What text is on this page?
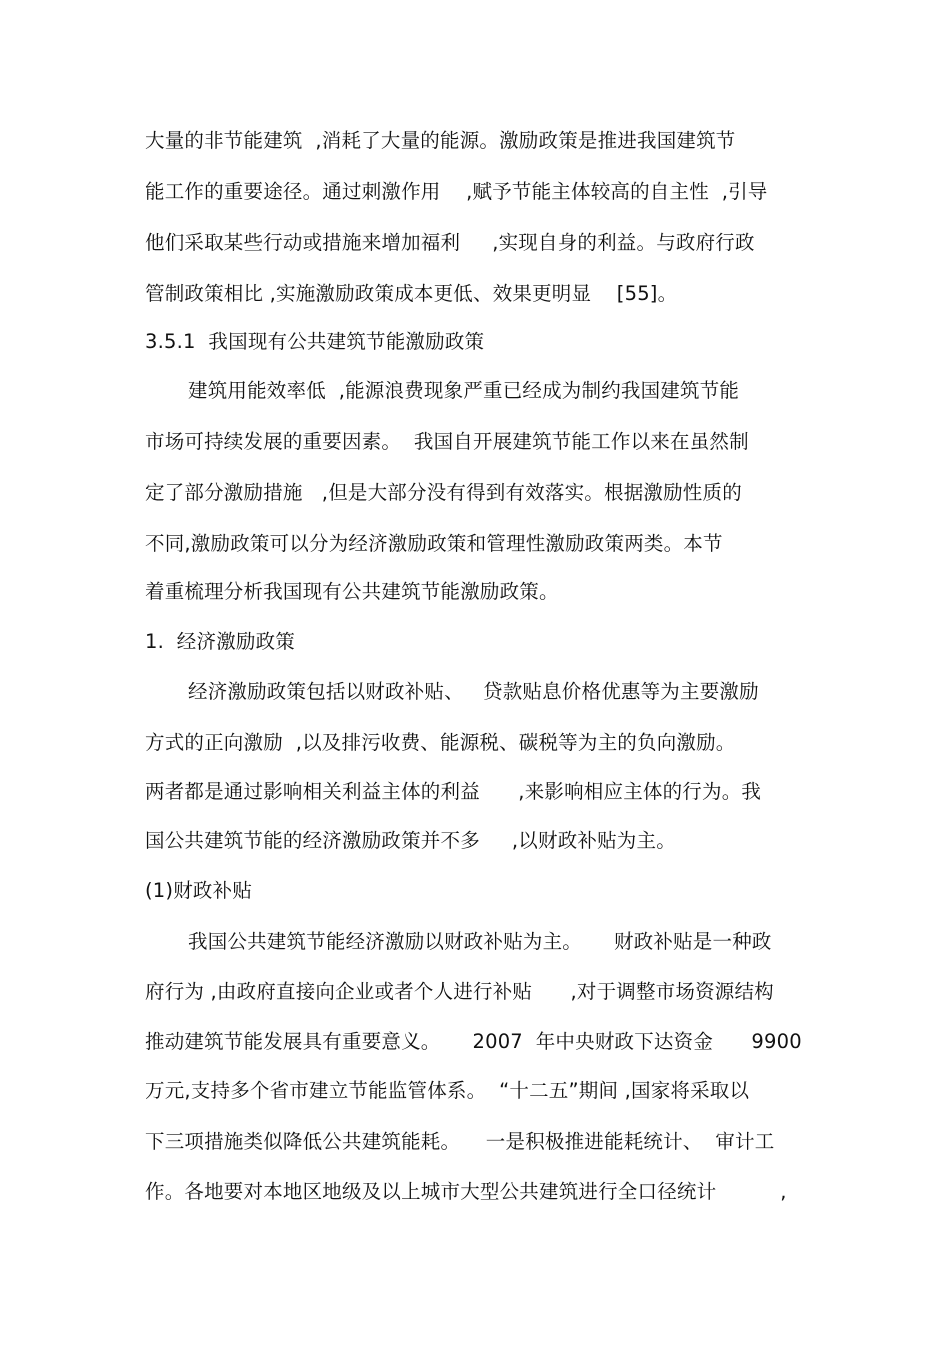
大量的非节能建筑  ,消耗了大量的能源。激励政策是推进我国建筑节
能工作的重要途径。通过刺激作用    ,赋予节能主体较高的自主性  ,引导
他们采取某些行动或措施来增加福利     ,实现自身的利益。与政府行政
管制政策相比 ,实施激励政策成本更低、效果更明显    [55]。
3.5.1  我国现有公共建筑节能激励政策
建筑用能效率低  ,能源浪费现象严重已经成为制约我国建筑节能
市场可持续发展的重要因素。  我国自开展建筑节能工作以来在虽然制
定了部分激励措施   ,但是大部分没有得到有效落实。根据激励性质的
不同,激励政策可以分为经济激励政策和管理性激励政策两类。本节
着重梳理分析我国现有公共建筑节能激励政策。
1.  经济激励政策
经济激励政策包括以财政补贴、   贷款贴息价格优惠等为主要激励
方式的正向激励  ,以及排污收费、能源税、碳税等为主的负向激励。
两者都是通过影响相关利益主体的利益      ,来影响相应主体的行为。我
国公共建筑节能的经济激励政策并不多     ,以财政补贴为主。
(1)财政补贴
我国公共建筑节能经济激励以财政补贴为主。     财政补贴是一种政
府行为 ,由政府直接向企业或者个人进行补贴      ,对于调整市场资源结构
推动建筑节能发展具有重要意义。     2007  年中央财政下达资金      9900
万元,支持多个省市建立节能监管体系。  “十二五”期间 ,国家将采取以
下三项措施类似降低公共建筑能耗。    一是积极推进能耗统计、  审计工
作。各地要对本地区地级及以上城市大型公共建筑进行全口径统计          ,
